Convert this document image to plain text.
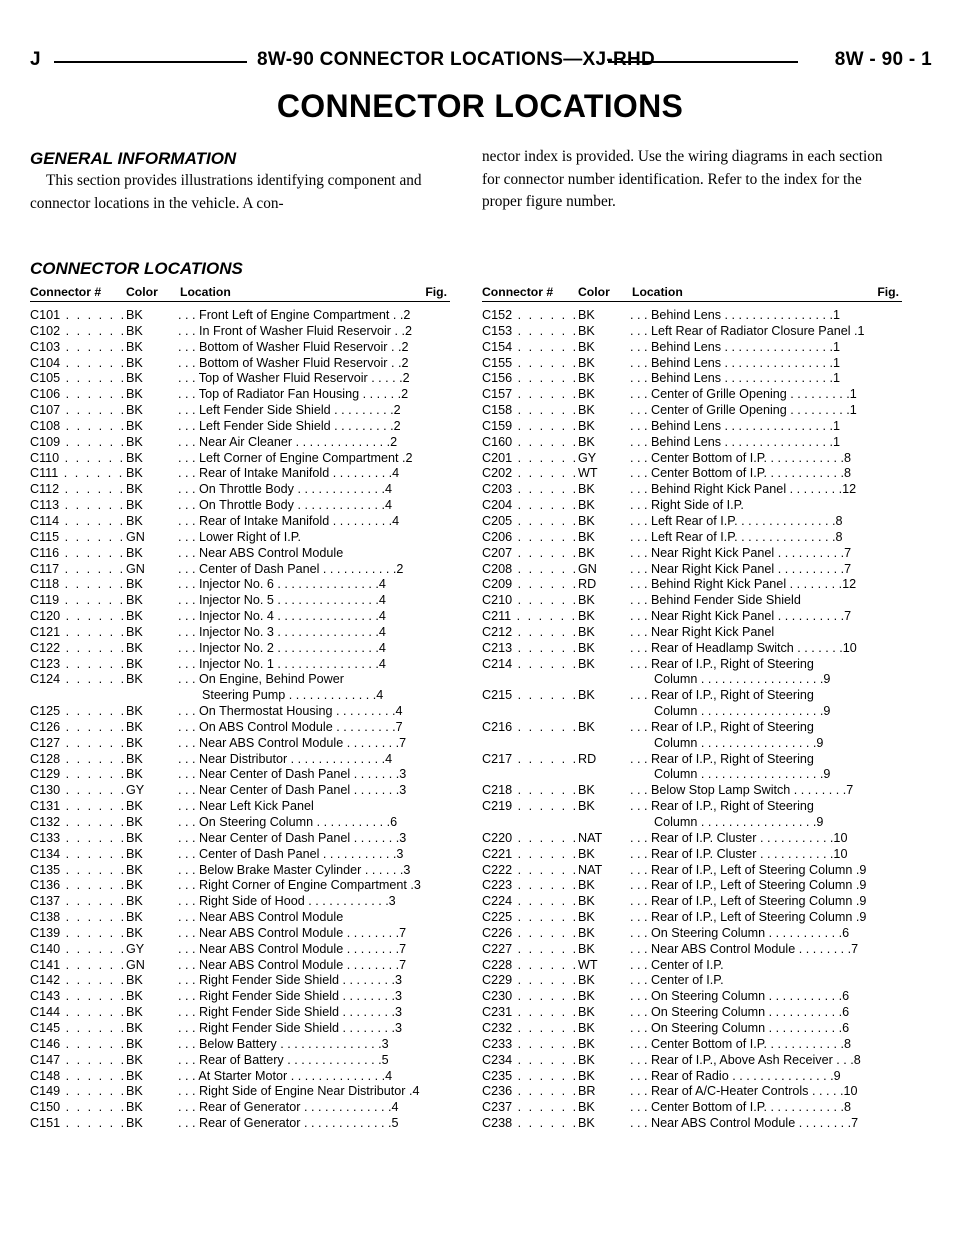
J	8W-90 CONNECTOR LOCATIONS—XJ-RHD	8W - 90 - 1
CONNECTOR LOCATIONS
GENERAL INFORMATION
This section provides illustrations identifying component and connector locations in the vehicle. A con-
nector index is provided. Use the wiring diagrams in each section for connector number identification. Refer to the index for the proper figure number.
CONNECTOR LOCATIONS
Connector # Color Location	Fig.
C101 . . . . . .BK	. . . Front Left of Engine Compartment . .2
C102 . . . . . .BK	. . . In Front of Washer Fluid Reservoir . .2
C103 . . . . . .BK	. . . Bottom of Washer Fluid Reservoir . .2
C104 . . . . . .BK	. . . Bottom of Washer Fluid Reservoir . .2
C105 . . . . . .BK	. . . Top of Washer Fluid Reservoir . . . . .2
C106 . . . . . .BK	. . . Top of Radiator Fan Housing . . . . . .2
C107 . . . . . .BK	. . . Left Fender Side Shield . . . . . . . . .2
C108 . . . . . .BK	. . . Left Fender Side Shield . . . . . . . . .2
C109 . . . . . .BK	. . . Near Air Cleaner . . . . . . . . . . . . . .2
C110 . . . . . .BK	. . . Left Corner of Engine Compartment .2
C111 . . . . . .BK	. . . Rear of Intake Manifold . . . . . . . . .4
C112 . . . . . .BK	. . . On Throttle Body . . . . . . . . . . . . .4
C113 . . . . . .BK	. . . On Throttle Body . . . . . . . . . . . . .4
C114 . . . . . .BK	. . . Rear of Intake Manifold . . . . . . . . .4
C115 . . . . . .GN	. . . Lower Right of I.P.
C116 . . . . . .BK	. . . Near ABS Control Module
C117 . . . . . .GN	. . . Center of Dash Panel . . . . . . . . . . .2
C118 . . . . . .BK	. . . Injector No. 6 . . . . . . . . . . . . . . .4
C119 . . . . . .BK	. . . Injector No. 5 . . . . . . . . . . . . . . .4
C120 . . . . . .BK	. . . Injector No. 4 . . . . . . . . . . . . . . .4
C121 . . . . . .BK	. . . Injector No. 3 . . . . . . . . . . . . . . .4
C122 . . . . . .BK	. . . Injector No. 2 . . . . . . . . . . . . . . .4
C123 . . . . . .BK	. . . Injector No. 1 . . . . . . . . . . . . . . .4
C124 . . . . . .BK	. . . On Engine, Behind Power
Steering Pump . . . . . . . . . . . . .4
C125 . . . . . .BK	. . . On Thermostat Housing . . . . . . . . .4
C126 . . . . . .BK	. . . On ABS Control Module . . . . . . . . .7
C127 . . . . . .BK	. . . Near ABS Control Module . . . . . . . .7
C128 . . . . . .BK	. . . Near Distributor . . . . . . . . . . . . . .4
C129 . . . . . .BK	. . . Near Center of Dash Panel . . . . . . .3
C130 . . . . . .GY	. . . Near Center of Dash Panel . . . . . . .3
C131 . . . . . .BK	. . . Near Left Kick Panel
C132 . . . . . .BK	. . . On Steering Column . . . . . . . . . . .6
C133 . . . . . .BK	. . . Near Center of Dash Panel . . . . . . .3
C134 . . . . . .BK	. . . Center of Dash Panel . . . . . . . . . . .3
C135 . . . . . .BK	. . . Below Brake Master Cylinder . . . . . .3
C136 . . . . . .BK	. . . Right Corner of Engine Compartment .3
C137 . . . . . .BK	. . . Right Side of Hood . . . . . . . . . . . .3
C138 . . . . . .BK	. . . Near ABS Control Module
C139 . . . . . .BK	. . . Near ABS Control Module . . . . . . . .7
C140 . . . . . .GY	. . . Near ABS Control Module . . . . . . . .7
C141 . . . . . .GN	. . . Near ABS Control Module . . . . . . . .7
C142 . . . . . .BK	. . . Right Fender Side Shield . . . . . . . .3
C143 . . . . . .BK	. . . Right Fender Side Shield . . . . . . . .3
C144 . . . . . .BK	. . . Right Fender Side Shield . . . . . . . .3
C145 . . . . . .BK	. . . Right Fender Side Shield . . . . . . . .3
C146 . . . . . .BK	. . . Below Battery . . . . . . . . . . . . . . .3
C147 . . . . . .BK	. . . Rear of Battery . . . . . . . . . . . . . .5
C148 . . . . . .BK	. . . At Starter Motor . . . . . . . . . . . . . .4
C149 . . . . . .BK	. . . Right Side of Engine Near Distributor .4
C150 . . . . . .BK	. . . Rear of Generator . . . . . . . . . . . . .4
C151 . . . . . .BK	. . . Rear of Generator . . . . . . . . . . . . .5
Connector # Color Location	Fig.
C152 . . . . . .BK	. . . Behind Lens . . . . . . . . . . . . . . . .1
C153 . . . . . .BK	. . . Left Rear of Radiator Closure Panel .1
C154 . . . . . .BK	. . . Behind Lens . . . . . . . . . . . . . . . .1
C155 . . . . . .BK	. . . Behind Lens . . . . . . . . . . . . . . . .1
C156 . . . . . .BK	. . . Behind Lens . . . . . . . . . . . . . . . .1
C157 . . . . . .BK	. . . Center of Grille Opening . . . . . . . . .1
C158 . . . . . .BK	. . . Center of Grille Opening . . . . . . . . .1
C159 . . . . . .BK	. . . Behind Lens . . . . . . . . . . . . . . . .1
C160 . . . . . .BK	. . . Behind Lens . . . . . . . . . . . . . . . .1
C201 . . . . . .GY	. . . Center Bottom of I.P. . . . . . . . . . . .8
C202 . . . . . .WT	. . . Center Bottom of I.P. . . . . . . . . . . .8
C203 . . . . . .BK	. . . Behind Right Kick Panel . . . . . . . .12
C204 . . . . . .BK	. . . Right Side of I.P.
C205 . . . . . .BK	. . . Left Rear of I.P. . . . . . . . . . . . . . .8
C206 . . . . . .BK	. . . Left Rear of I.P. . . . . . . . . . . . . . .8
C207 . . . . . .BK	. . . Near Right Kick Panel . . . . . . . . . .7
C208 . . . . . .GN	. . . Near Right Kick Panel . . . . . . . . . .7
C209 . . . . . .RD	. . . Behind Right Kick Panel . . . . . . . .12
C210 . . . . . .BK	. . . Behind Fender Side Shield
C211 . . . . . .BK	. . . Near Right Kick Panel . . . . . . . . . .7
C212 . . . . . .BK	. . . Near Right Kick Panel
C213 . . . . . .BK	. . . Rear of Headlamp Switch . . . . . . .10
C214 . . . . . .BK	. . . Rear of I.P., Right of Steering
Column . . . . . . . . . . . . . . . . . .9
C215 . . . . . .BK	. . . Rear of I.P., Right of Steering
Column . . . . . . . . . . . . . . . . . .9
C216 . . . . . .BK	. . . Rear of I.P., Right of Steering
Column . . . . . . . . . . . . . . . . .9
C217 . . . . . .RD	. . . Rear of I.P., Right of Steering
Column . . . . . . . . . . . . . . . . . .9
C218 . . . . . .BK	. . . Below Stop Lamp Switch . . . . . . . .7
C219 . . . . . .BK	. . . Rear of I.P., Right of Steering
Column . . . . . . . . . . . . . . . . .9
C220 . . . . . .NAT . . . Rear of I.P. Cluster . . . . . . . . . . .10
C221 . . . . . .BK	. . . Rear of I.P. Cluster . . . . . . . . . . .10
C222 . . . . . .NAT . . . Rear of I.P., Left of Steering Column .9
C223 . . . . . .BK	. . . Rear of I.P., Left of Steering Column .9
C224 . . . . . .BK	. . . Rear of I.P., Left of Steering Column .9
C225 . . . . . .BK	. . . Rear of I.P., Left of Steering Column .9
C226 . . . . . .BK	. . . On Steering Column . . . . . . . . . . .6
C227 . . . . . .BK	. . . Near ABS Control Module . . . . . . . .7
C228 . . . . . .WT	. . . Center of I.P.
C229 . . . . . .BK	. . . Center of I.P.
C230 . . . . . .BK	. . . On Steering Column . . . . . . . . . . .6
C231 . . . . . .BK	. . . On Steering Column . . . . . . . . . . .6
C232 . . . . . .BK	. . . On Steering Column . . . . . . . . . . .6
C233 . . . . . .BK	. . . Center Bottom of I.P. . . . . . . . . . . .8
C234 . . . . . .BK	. . . Rear of I.P., Above Ash Receiver . . .8
C235 . . . . . .BK	. . . Rear of Radio . . . . . . . . . . . . . . .9
C236 . . . . . .BR	. . . Rear of A/C-Heater Controls . . . . .10
C237 . . . . . .BK	. . . Center Bottom of I.P. . . . . . . . . . . .8
C238 . . . . . .BK	. . . Near ABS Control Module . . . . . . . .7
